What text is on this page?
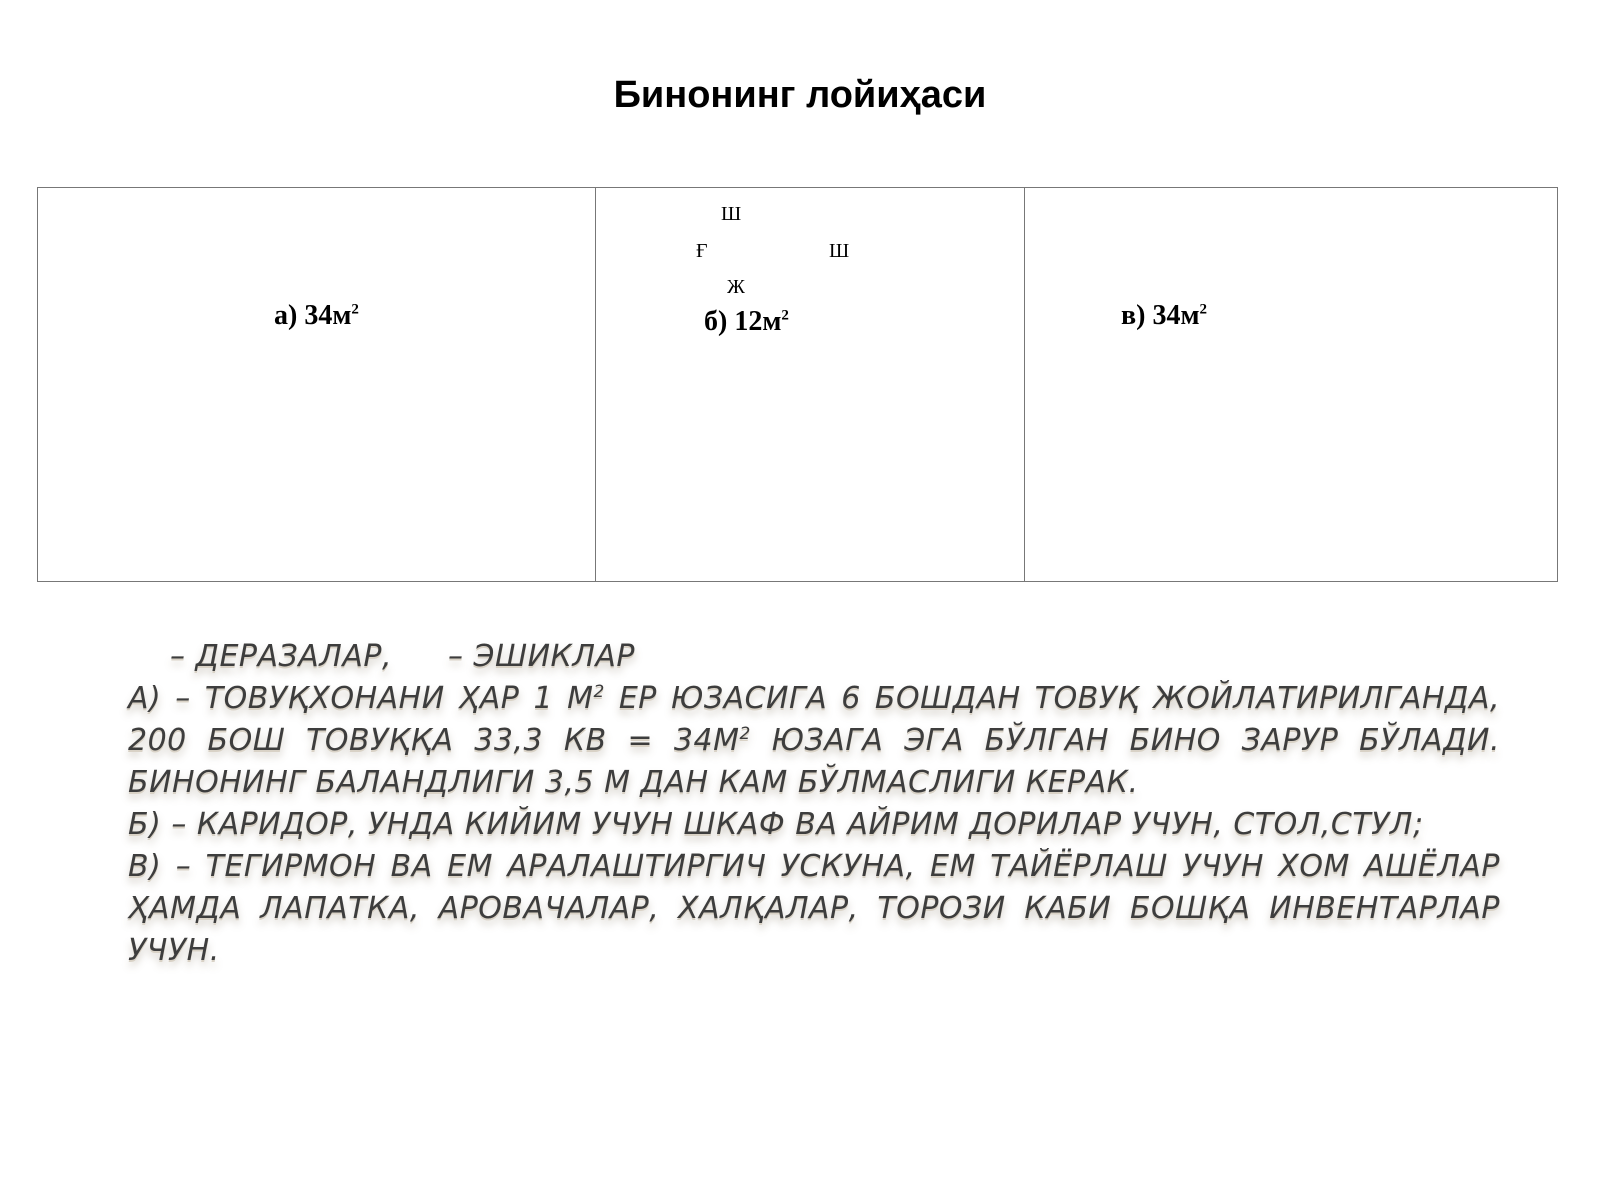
Бинонинг лойиҳаси
а) $34м^2$
Ш
Ғ	Ш
Ж
б) $12м^2$	в) $34м^2$

– ДЕРАЗАЛАР, – ЭШИКЛАР

А) – ТОВУҚХОНАНИ ҲАР 1 $М^2$ ЕР ЮЗАСИГА 6 БОШДАН ТОВУҚ ЖОЙЛАТИРИЛГАНДА, 200 БОШ ТОВУҚҚА 33,3 КВ = $34М^2$ ЮЗАГА ЭГА БЎЛГАН БИНО ЗАРУР БЎЛАДИ. БИНОНИНГ БАЛАНДЛИГИ 3,5 М ДАН КАМ БЎЛМАСЛИГИ КЕРАК.

Б) – КАРИДОР, УНДА КИЙИМ УЧУН ШКАФ ВА АЙРИМ ДОРИЛАР УЧУН, СТОЛ,СТУЛ;

В) – ТЕГИРМОН ВА ЕМ АРАЛАШТИРГИЧ УСКУНА, ЕМ ТАЙЁРЛАШ УЧУН ХОМ АШЁЛАР ҲАМДА ЛАПАТКА, АРОВАЧАЛАР, ХАЛҚАЛАР, ТОРОЗИ КАБИ БОШҚА ИНВЕНТАРЛАР УЧУН.
